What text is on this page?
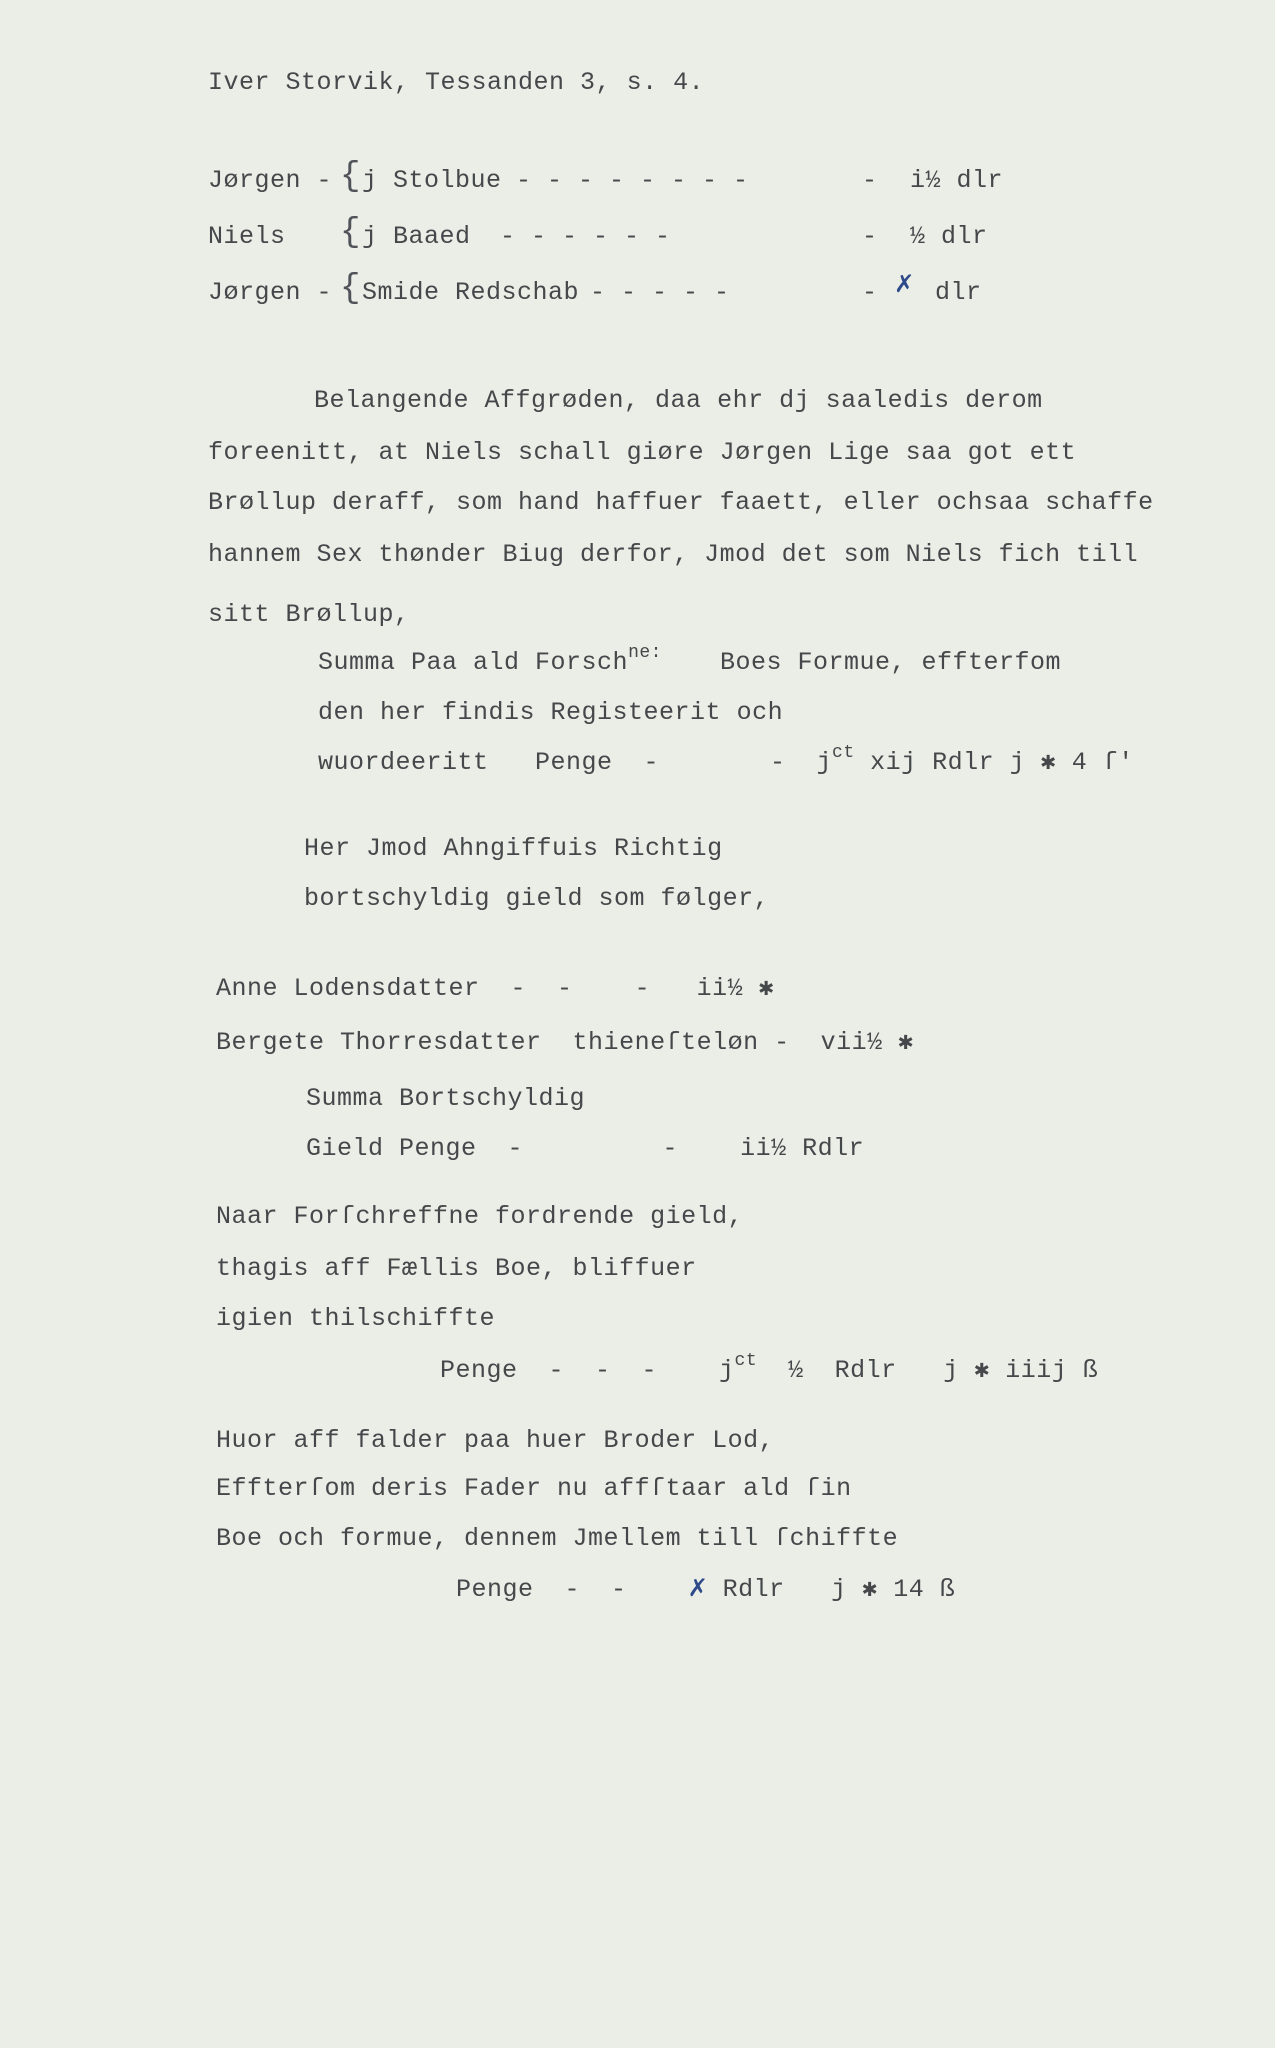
Iver Storvik, Tessanden 3, s. 4.
Jørgen - { j Stolbue - - - - - - - -	- i½ dlr
Niels { j Baaed - - - - - -	- ½ dlr
Jørgen - { Smide Redschab - - - - -	- ✗ dlr
Belangende Affgrøden, daa ehr dj saaledis derom
foreenitt, at Niels schall giøre Jørgen Lige saa got ett
Brøllup deraff, som hand haffuer faaett, eller ochsaa schaffe
hannem Sex thønder Biug derfor, Jmod det som Niels fich till
sitt Brøllup,
Summa Paa ald Forsch$^{ne:}$ Boes Formue, effterfom
den her findis Registeerit och
wuordeeritt   Penge  -	-  $j^{ct}$ xij Rdlr j ✱ 4 ſ'
Her Jmod Ahngiffuis Richtig
bortschyldig gield som følger,
Anne Lodensdatter  -  -    -   ii½ ✱
Bergete Thorresdatter  thieneſteløn -  vii½ ✱
Summa Bortschyldig
Gield Penge  -         -    ii½ Rdlr
Naar Forſchreffne fordrende gield,
thagis aff Fællis Boe, bliffuer
igien thilschiffte
Penge  -  -  -    $j^{ct}$ ½  Rdlr   j ✱ iiij ß
Huor aff falder paa huer Broder Lod,
Effterſom deris Fader nu affſtaar ald ſin
Boe och formue, dennem Jmellem till ſchiffte
Penge  -  - ✗ Rdlr   j ✱ 14 ß
